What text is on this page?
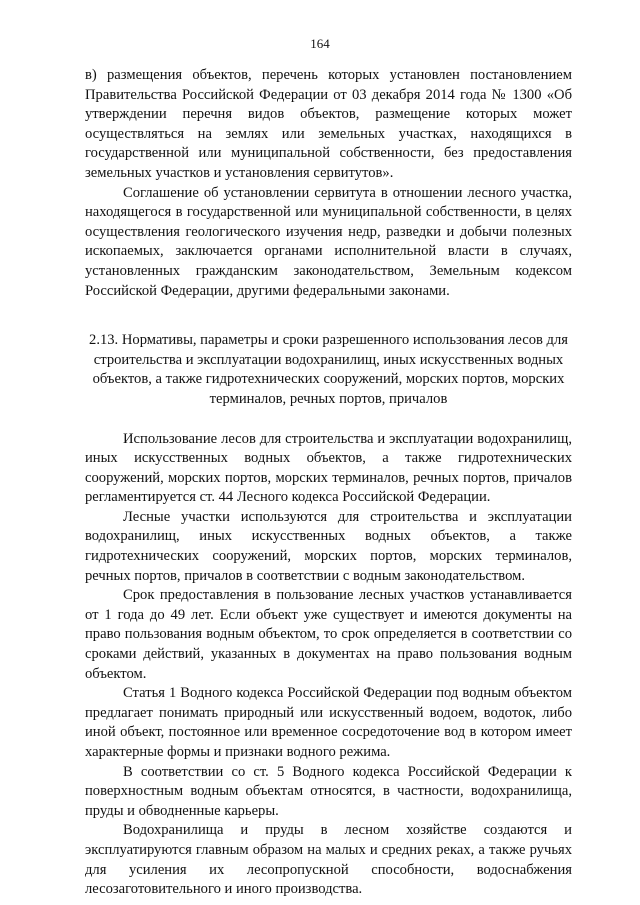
164

в) размещения объектов, перечень которых установлен постановлением Правительства Российской Федерации от 03 декабря 2014 года № 1300 «Об утверждении перечня видов объектов, размещение которых может осуществляться на землях или земельных участках, находящихся в государственной или муниципальной собственности, без предоставления земельных участков и установления сервитутов».

Соглашение об установлении сервитута в отношении лесного участка, находящегося в государственной или муниципальной собственности, в целях осуществления геологического изучения недр, разведки и добычи полезных ископаемых, заключается органами исполнительной власти в случаях, установленных гражданским законодательством, Земельным кодексом Российской Федерации, другими федеральными законами.

2.13. Нормативы, параметры и сроки разрешенного использования лесов для строительства и эксплуатации водохранилищ, иных искусственных водных объектов, а также гидротехнических сооружений, морских портов, морских терминалов, речных портов, причалов

Использование лесов для строительства и эксплуатации водохранилищ, иных искусственных водных объектов, а также гидротехнических сооружений, морских портов, морских терминалов, речных портов, причалов регламентируется ст. 44 Лесного кодекса Российской Федерации.

Лесные участки используются для строительства и эксплуатации водохранилищ, иных искусственных водных объектов, а также гидротехнических сооружений, морских портов, морских терминалов, речных портов, причалов в соответствии с водным законодательством.

Срок предоставления в пользование лесных участков устанавливается от 1 года до 49 лет. Если объект уже существует и имеются документы на право пользования водным объектом, то срок определяется в соответствии со сроками действий, указанных в документах на право пользования водным объектом.

Статья 1 Водного кодекса Российской Федерации под водным объектом предлагает понимать природный или искусственный водоем, водоток, либо иной объект, постоянное или временное сосредоточение вод в котором имеет характерные формы и признаки водного режима.

В соответствии со ст. 5 Водного кодекса Российской Федерации к поверхностным водным объектам относятся, в частности, водохранилища, пруды и обводненные карьеры.

Водохранилища и пруды в лесном хозяйстве создаются и эксплуатируются главным образом на малых и средних реках, а также ручьях для усиления их лесопропускной способности, водоснабжения лесозаготовительного и иного производства.
